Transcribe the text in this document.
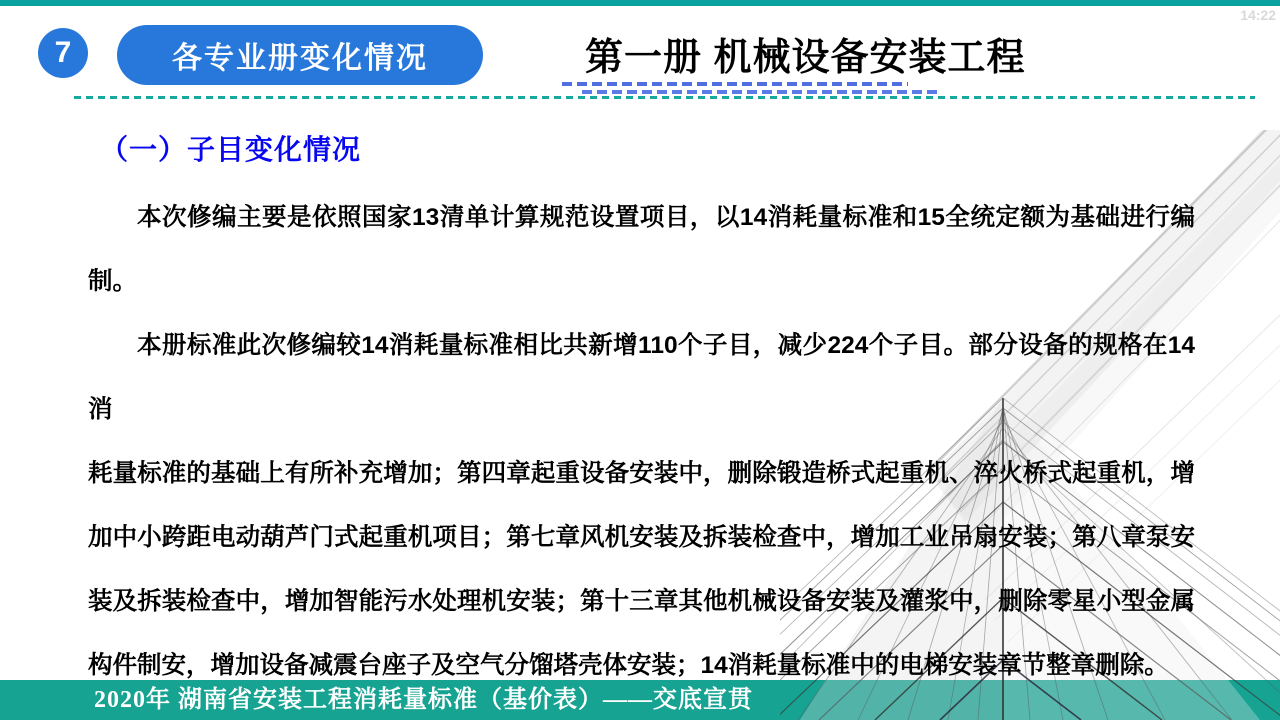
14:22
7	各专业册变化情况	第一册 机械设备安装工程
（一）子目变化情况
2020年 湖南省安装工程消耗量标准（基价表）——交底宣贯
本次修编主要是依照国家13清单计算规范设置项目，以14消耗量标准和15全统定额为基础进行编制。
本册标准此次修编较14消耗量标准相比共新增110个子目，减少224个子目。部分设备的规格在14消
耗量标准的基础上有所补充增加；第四章起重设备安装中，删除锻造桥式起重机、淬火桥式起重机，增
加中小跨距电动葫芦门式起重机项目；第七章风机安装及拆装检查中，增加工业吊扇安装；第八章泵安
装及拆装检查中，增加智能污水处理机安装；第十三章其他机械设备安装及灌浆中，删除零星小型金属
构件制安，增加设备减震台座子及空气分馏塔壳体安装；14消耗量标准中的电梯安装章节整章删除。
